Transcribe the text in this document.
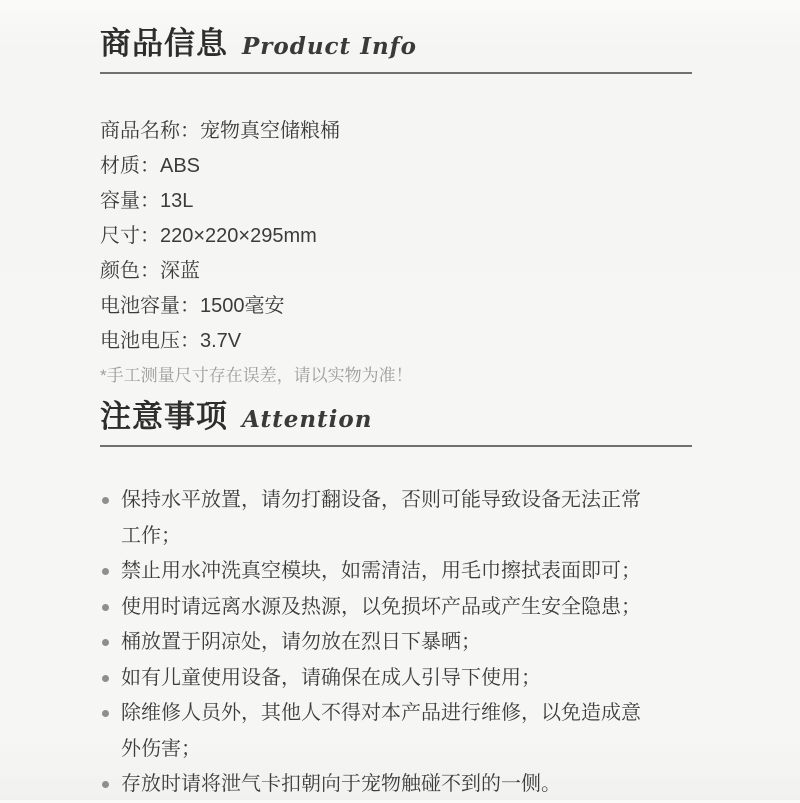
商品信息 Product Info
商品名称：宠物真空储粮桶
材质：ABS
容量：13L
尺寸：220×220×295mm
颜色：深蓝
电池容量：1500毫安
电池电压：3.7V
*手工测量尺寸存在误差，请以实物为准！
注意事项 Attention
保持水平放置，请勿打翻设备，否则可能导致设备无法正常工作；
禁止用水冲洗真空模块，如需清洁，用毛巾擦拭表面即可；
使用时请远离水源及热源，以免损坏产品或产生安全隐患；
桶放置于阴凉处，请勿放在烈日下暴晒；
如有儿童使用设备，请确保在成人引导下使用；
除维修人员外，其他人不得对本产品进行维修，以免造成意外伤害；
存放时请将泄气卡扣朝向于宠物触碰不到的一侧。
